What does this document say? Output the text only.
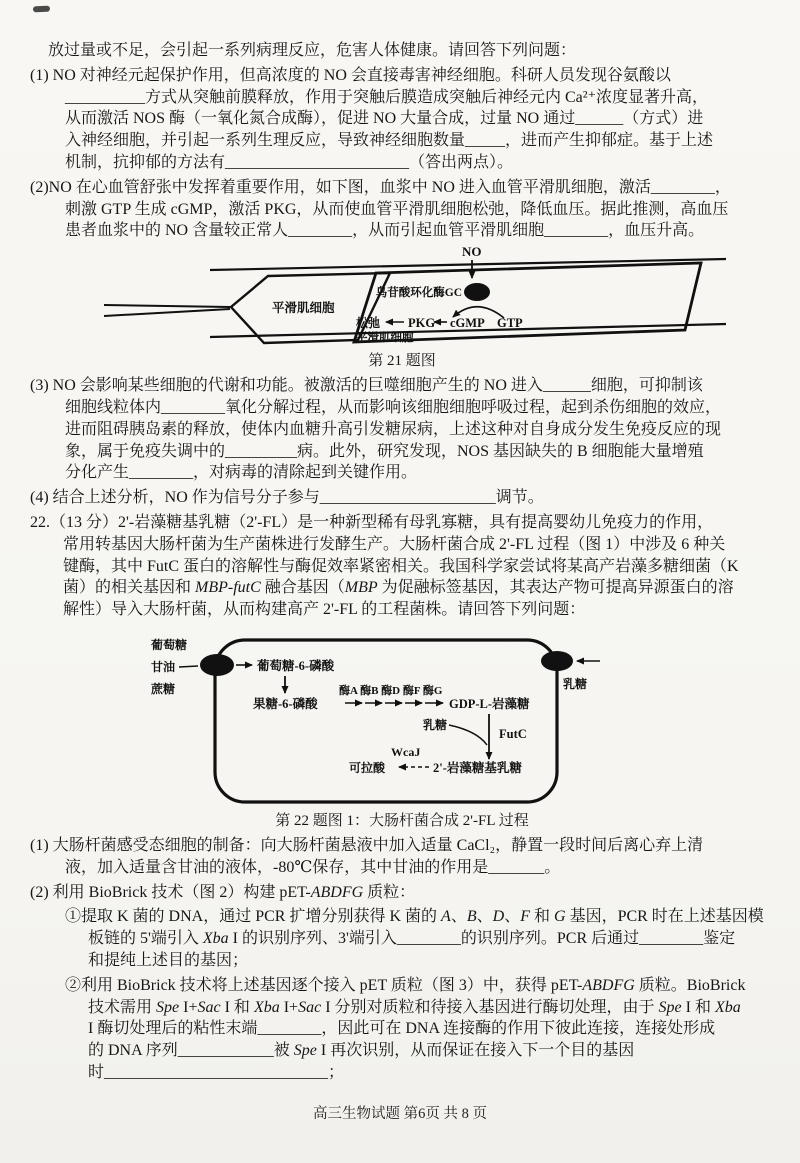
放过量或不足，会引起一系列病理反应，危害人体健康。请回答下列问题：
(1) NO 对神经元起保护作用，但高浓度的 NO 会直接毒害神经细胞。科研人员发现谷氨酸以
__________方式从突触前膜释放，作用于突触后膜造成突触后神经元内 Ca²⁺浓度显著升高，
从而激活 NOS 酶（一氧化氮合成酶），促进 NO 大量合成，过量 NO 通过______（方式）进
入神经细胞，并引起一系列生理反应，导致神经细胞数量_____，进而产生抑郁症。基于上述
机制，抗抑郁的方法有_______________________（答出两点）。
(2)NO 在心血管舒张中发挥着重要作用，如下图，血浆中 NO 进入血管平滑肌细胞，激活________，
刺激 GTP 生成 cGMP，激活 PKG，从而使血管平滑肌细胞松弛，降低血压。据此推测，高血压
患者血浆中的 NO 含量较正常人________，从而引起血管平滑肌细胞________，血压升高。
平滑肌细胞
NO
鸟苷酸环化酶GC
松弛 PKG cGMP GTP
平滑肌细胞
第 21 题图
(3) NO 会影响某些细胞的代谢和功能。被激活的巨噬细胞产生的 NO 进入______细胞，可抑制该
细胞线粒体内________氧化分解过程，从而影响该细胞细胞呼吸过程，起到杀伤细胞的效应，
进而阻碍胰岛素的释放，使体内血糖升高引发糖尿病，上述这种对自身成分发生免疫反应的现
象，属于免疫失调中的_________病。此外，研究发现，NOS 基因缺失的 B 细胞能大量增殖
分化产生________，对病毒的清除起到关键作用。
(4) 结合上述分析，NO 作为信号分子参与______________________调节。
22.（13 分）2'-岩藻糖基乳糖（2'-FL）是一种新型稀有母乳寡糖，具有提高婴幼儿免疫力的作用，
常用转基因大肠杆菌为生产菌株进行发酵生产。大肠杆菌合成 2'-FL 过程（图 1）中涉及 6 种关
键酶，其中 FutC 蛋白的溶解性与酶促效率紧密相关。我国科学家尝试将某高产岩藻多糖细菌（K
菌）的相关基因和 MBP-futC 融合基因（MBP 为促融标签基因，其表达产物可提高异源蛋白的溶
解性）导入大肠杆菌，从而构建高产 2'-FL 的工程菌株。请回答下列问题：
葡萄糖
甘油
蔗糖
葡萄糖-6-磷酸
果糖-6-磷酸
酶A 酶B 酶D 酶F 酶G
GDP-L-岩藻糖
FutC
乳糖
2'-岩藻糖基乳糖
WcaJ
可拉酸
乳糖
第 22 题图 1：大肠杆菌合成 2'-FL 过程
(1) 大肠杆菌感受态细胞的制备：向大肠杆菌悬液中加入适量 CaCl₂，静置一段时间后离心弃上清
液，加入适量含甘油的液体，-80℃保存，其中甘油的作用是_______。
(2) 利用 BioBrick 技术（图 2）构建 pET-ABDFG 质粒：
①提取 K 菌的 DNA，通过 PCR 扩增分别获得 K 菌的 A、B、D、F 和 G 基因，PCR 时在上述基因模
板链的 5'端引入 Xba I 的识别序列、3'端引入________的识别序列。PCR 后通过________鉴定
和提纯上述目的基因；
②利用 BioBrick 技术将上述基因逐个接入 pET 质粒（图 3）中，获得 pET-ABDFG 质粒。BioBrick
技术需用 Spe I+Sac I 和 Xba I+Sac I 分别对质粒和待接入基因进行酶切处理，由于 Spe I 和 Xba
I 酶切处理后的粘性末端________，因此可在 DNA 连接酶的作用下彼此连接，连接处形成
的 DNA 序列____________被 Spe I 再次识别，从而保证在接入下一个目的基因
时____________________________；
高三生物试题 第6页 共 8 页
